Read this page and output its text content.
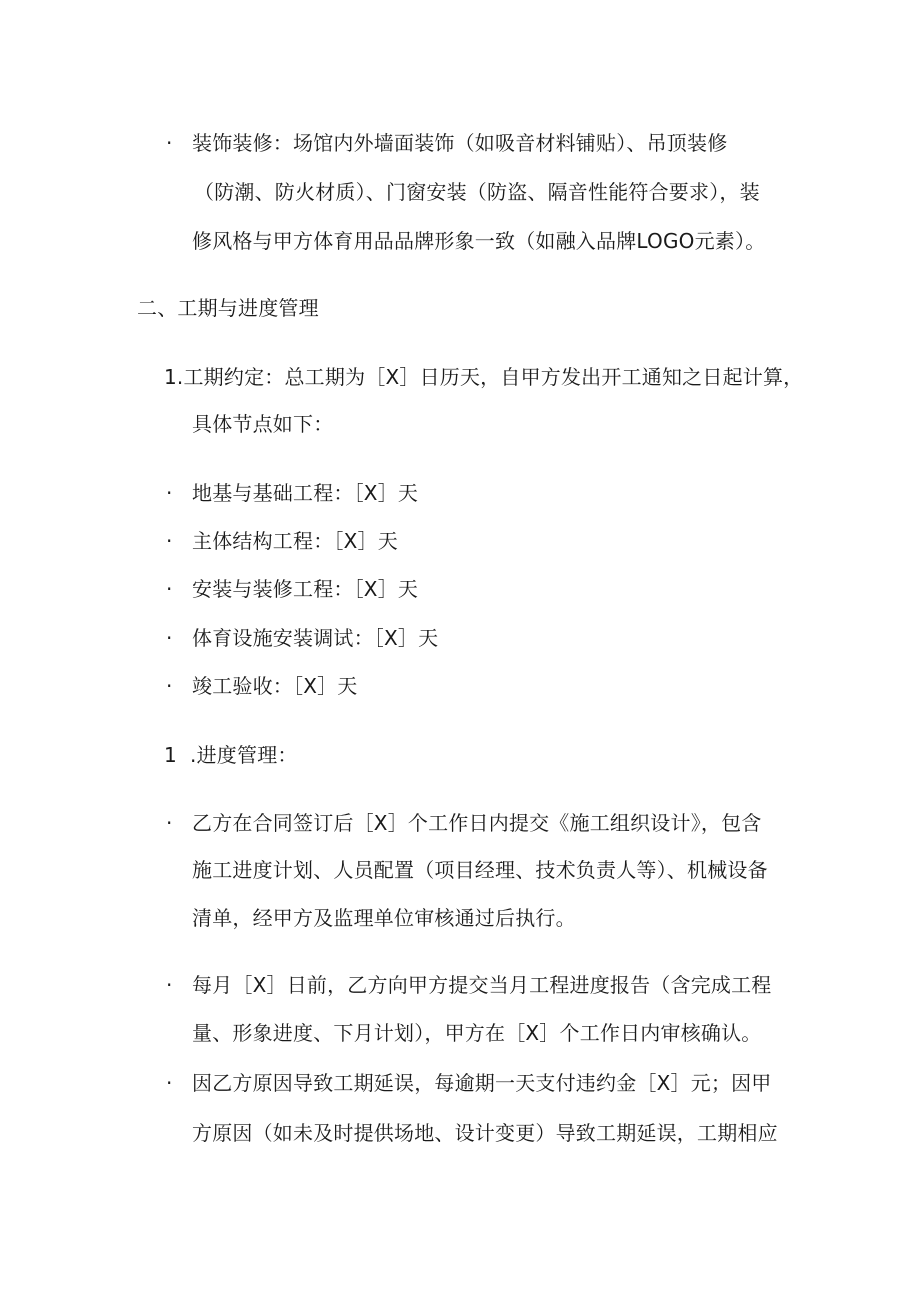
· 装饰装修：场馆内外墙面装饰（如吸音材料铺贴）、吊顶装修
（防潮、防火材质）、门窗安装（防盗、隔音性能符合要求），装
修风格与甲方体育用品品牌形象一致（如融入品牌LOGO元素）。
二、工期与进度管理
1.工期约定：总工期为［X］日历天，自甲方发出开工通知之日起计算，
具体节点如下：
· 地基与基础工程：［X］天
· 主体结构工程：［X］天
· 安装与装修工程：［X］天
· 体育设施安装调试：［X］天
· 竣工验收：［X］天
1  .进度管理：
· 乙方在合同签订后［X］个工作日内提交《施工组织设计》，包含
施工进度计划、人员配置（项目经理、技术负责人等）、机械设备
清单，经甲方及监理单位审核通过后执行。
· 每月［X］日前，乙方向甲方提交当月工程进度报告（含完成工程
量、形象进度、下月计划），甲方在［X］个工作日内审核确认。
· 因乙方原因导致工期延误，每逾期一天支付违约金［X］元；因甲
方原因（如未及时提供场地、设计变更）导致工期延误，工期相应
